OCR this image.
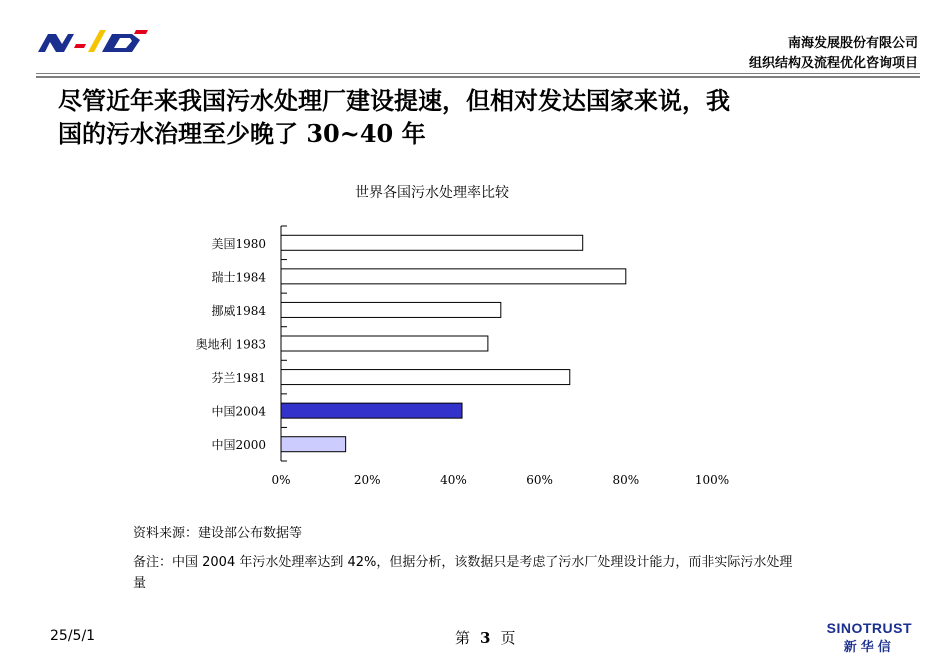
南海发展股份有限公司
组织结构及流程优化咨询项目
尽管近年来我国污水处理厂建设提速，但相对发达国家来说，我
国的污水治理至少晚了 30~40 年
世界各国污水处理率比较
美国1980
瑞士1984
挪威1984
奥地利 1983
芬兰1981
中国2004
中国2000
0%	20%	40%	60%	80%	100%
资料来源：建设部公布数据等
备注：中国 2004 年污水处理率达到 42%，但据分析，该数据只是考虑了污水厂处理设计能力，而非实际污水处理量
25/5/1	第 3 页
SINOTRUST
新华信
